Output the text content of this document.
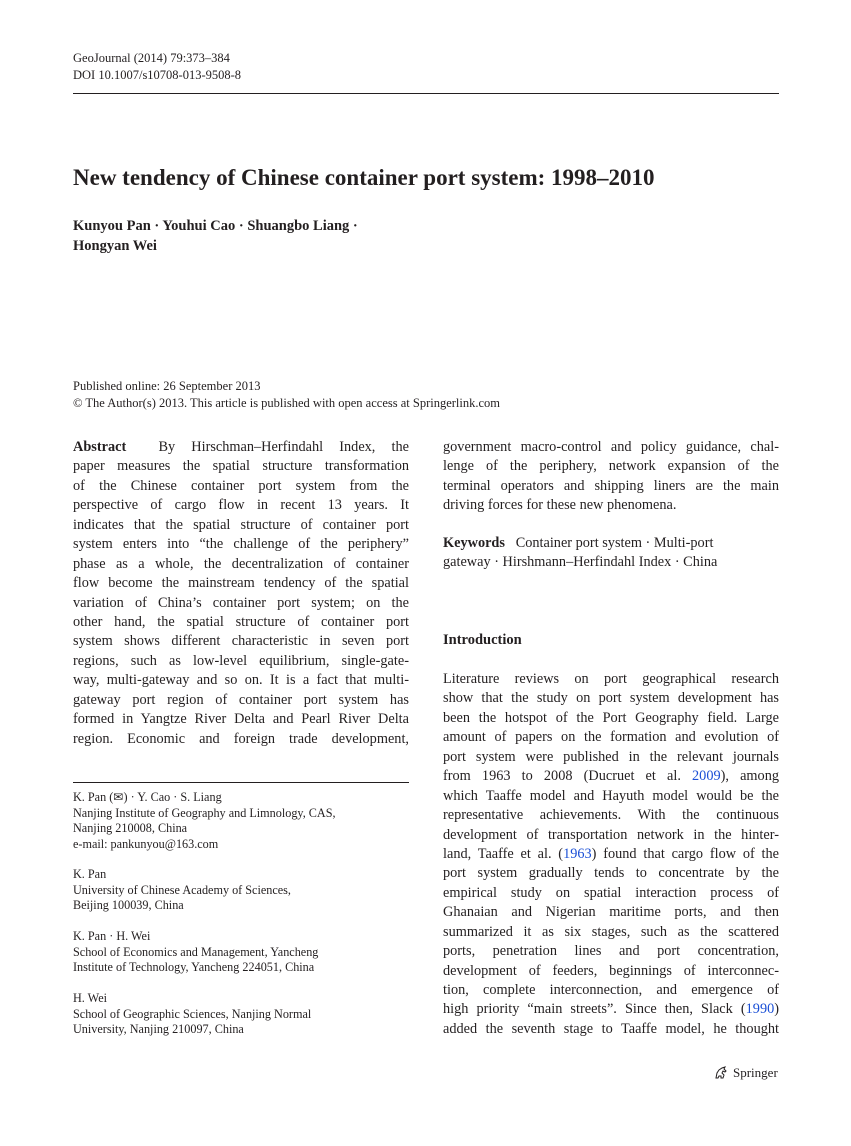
GeoJournal (2014) 79:373–384
DOI 10.1007/s10708-013-9508-8
New tendency of Chinese container port system: 1998–2010
Kunyou Pan · Youhui Cao · Shuangbo Liang ·
Hongyan Wei
Published online: 26 September 2013
© The Author(s) 2013. This article is published with open access at Springerlink.com
Abstract By Hirschman–Herfindahl Index, the
paper measures the spatial structure transformation
of the Chinese container port system from the
perspective of cargo flow in recent 13 years. It
indicates that the spatial structure of container port
system enters into “the challenge of the periphery”
phase as a whole, the decentralization of container
flow become the mainstream tendency of the spatial
variation of China’s container port system; on the
other hand, the spatial structure of container port
system shows different characteristic in seven port
regions, such as low-level equilibrium, single-gate-
way, multi-gateway and so on. It is a fact that multi-
gateway port region of container port system has
formed in Yangtze River Delta and Pearl River Delta
region. Economic and foreign trade development,
government macro-control and policy guidance, chal-
lenge of the periphery, network expansion of the
terminal operators and shipping liners are the main
driving forces for these new phenomena.
Keywords Container port system · Multi-port
gateway · Hirshmann–Herfindahl Index · China
Introduction
Literature reviews on port geographical research
show that the study on port system development has
been the hotspot of the Port Geography field. Large
amount of papers on the formation and evolution of
port system were published in the relevant journals
from 1963 to 2008 (Ducruet et al. 2009), among
which Taaffe model and Hayuth model would be the
representative achievements. With the continuous
development of transportation network in the hinter-
land, Taaffe et al. (1963) found that cargo flow of the
port system gradually tends to concentrate by the
empirical study on spatial interaction process of
Ghanaian and Nigerian maritime ports, and then
summarized it as six stages, such as the scattered
ports, penetration lines and port concentration,
development of feeders, beginnings of interconnec-
tion, complete interconnection, and emergence of
high priority “main streets”. Since then, Slack (1990)
added the seventh stage to Taaffe model, he thought
K. Pan (✉) · Y. Cao · S. Liang
Nanjing Institute of Geography and Limnology, CAS,
Nanjing 210008, China
e-mail: pankunyou@163.com
K. Pan
University of Chinese Academy of Sciences,
Beijing 100039, China
K. Pan · H. Wei
School of Economics and Management, Yancheng
Institute of Technology, Yancheng 224051, China
H. Wei
School of Geographic Sciences, Nanjing Normal
University, Nanjing 210097, China
Springer
